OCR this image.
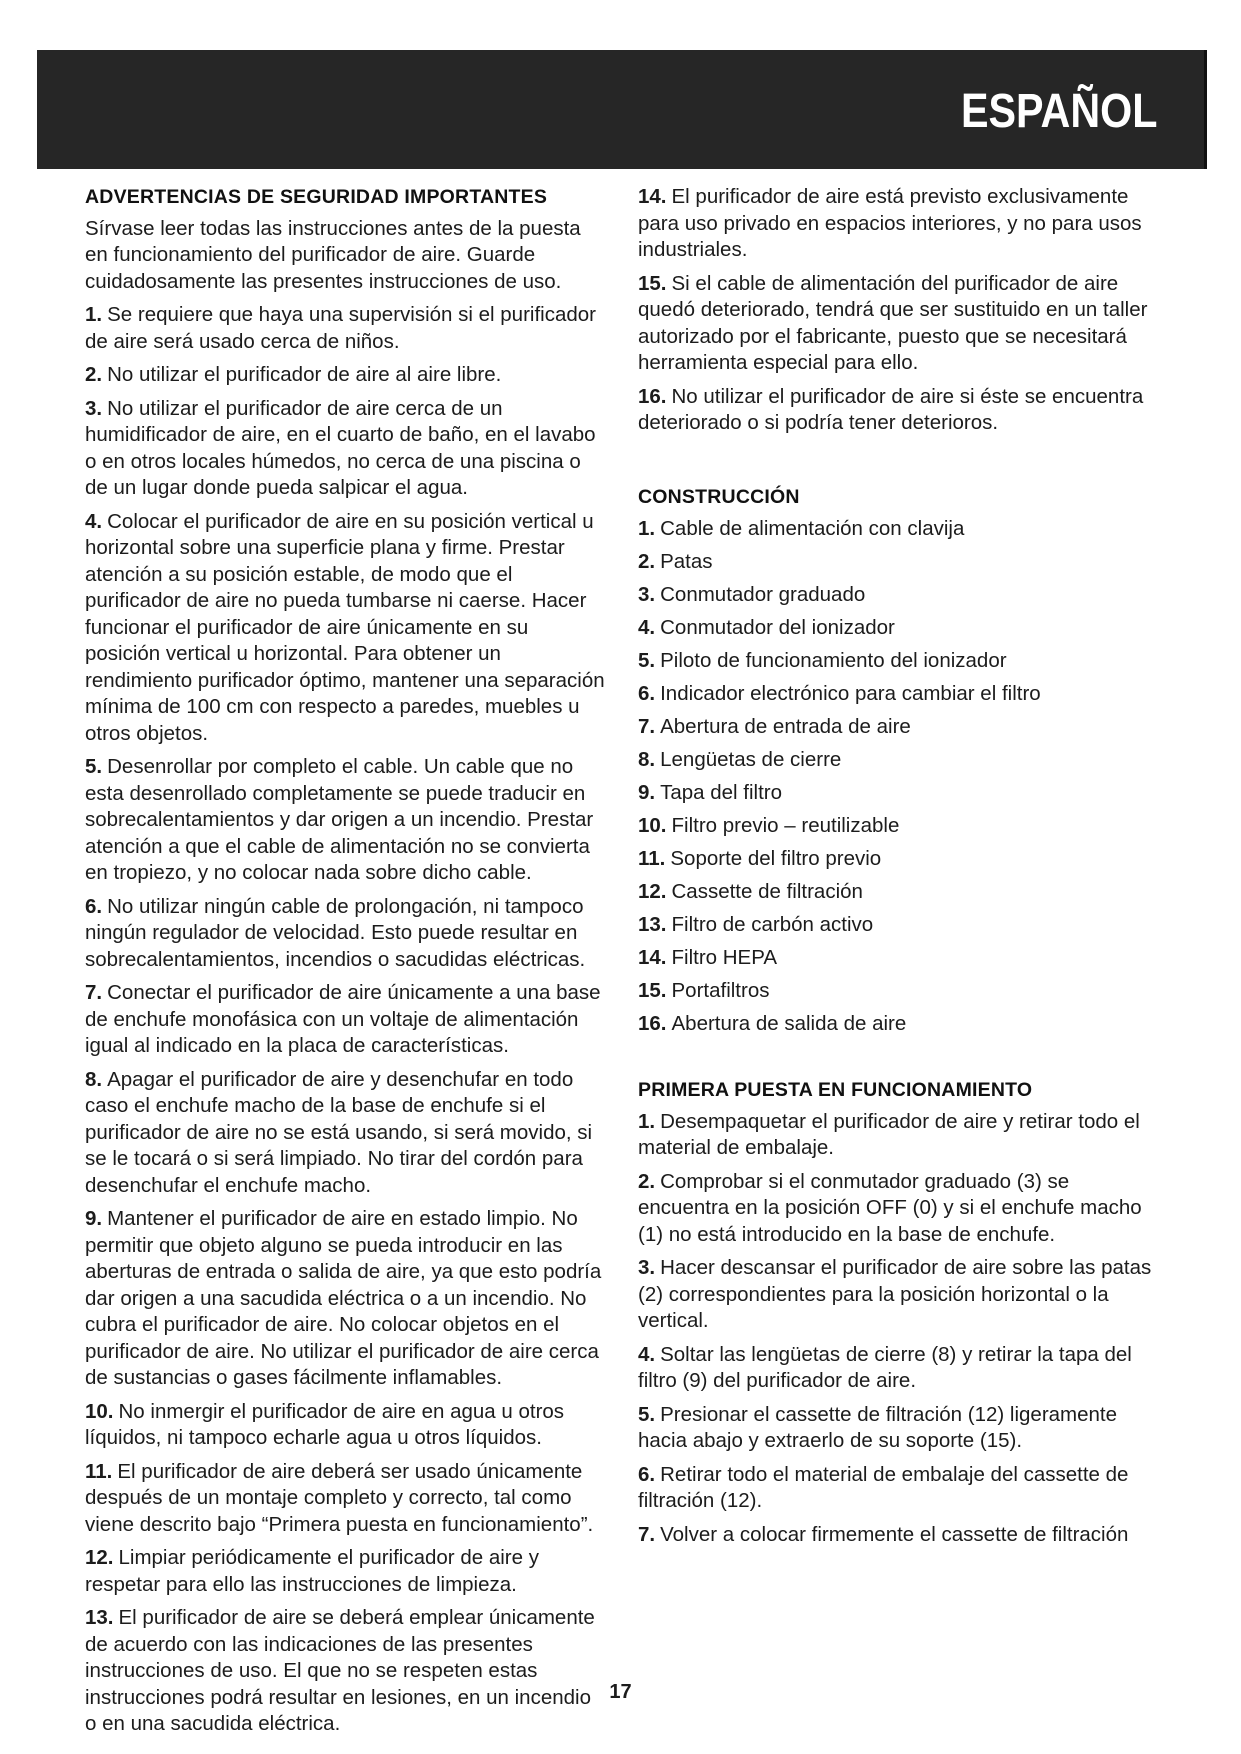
ESPAÑOL
ADVERTENCIAS DE SEGURIDAD IMPORTANTES
Sírvase leer todas las instrucciones antes de la puesta en funcionamiento del purificador de aire. Guarde cuidadosamente las presentes instrucciones de uso.
1. Se requiere que haya una supervisión si el purificador de aire será usado cerca de niños.
2. No utilizar el purificador de aire al aire libre.
3. No utilizar el purificador de aire cerca de un humidificador de aire, en el cuarto de baño, en el lavabo o en otros locales húmedos, no cerca de una piscina o de un lugar donde pueda salpicar el agua.
4. Colocar el purificador de aire en su posición vertical u horizontal sobre una superficie plana y firme. Prestar atención a su posición estable, de modo que el purificador de aire no pueda tumbarse ni caerse. Hacer funcionar el purificador de aire únicamente en su posición vertical u horizontal. Para obtener un rendimiento purificador óptimo, mantener una separación mínima de 100 cm con respecto a paredes, muebles u otros objetos.
5. Desenrollar por completo el cable. Un cable que no esta desenrollado completamente se puede traducir en sobrecalentamientos y dar origen a un incendio. Prestar atención a que el cable de alimentación no se convierta en tropiezo, y no colocar nada sobre dicho cable.
6. No utilizar ningún cable de prolongación, ni tampoco ningún regulador de velocidad. Esto puede resultar en sobrecalentamientos, incendios o sacudidas eléctricas.
7. Conectar el purificador de aire únicamente a una base de enchufe monofásica con un voltaje de alimentación igual al indicado en la placa de características.
8. Apagar el purificador de aire y desenchufar en todo caso el enchufe macho de la base de enchufe si el purificador de aire no se está usando, si será movido, si se le tocará o si será limpiado. No tirar del cordón para desenchufar el enchufe macho.
9. Mantener el purificador de aire en estado limpio. No permitir que objeto alguno se pueda introducir en las aberturas de entrada o salida de aire, ya que esto podría dar origen a una sacudida eléctrica o a un incendio. No cubra el purificador de aire. No colocar objetos en el purificador de aire. No utilizar el purificador de aire cerca de sustancias o gases fácilmente inflamables.
10. No inmergir el purificador de aire en agua u otros líquidos, ni tampoco echarle agua u otros líquidos.
11. El purificador de aire deberá ser usado únicamente después de un montaje completo y correcto, tal como viene descrito bajo “Primera puesta en funcionamiento”.
12. Limpiar periódicamente el purificador de aire y respetar para ello las instrucciones de limpieza.
13. El purificador de aire se deberá emplear únicamente de acuerdo con las indicaciones de las presentes instrucciones de uso. El que no se respeten estas instrucciones podrá resultar en lesiones, en un incendio o en una sacudida eléctrica.
14. El purificador de aire está previsto exclusivamente para uso privado en espacios interiores, y no para usos industriales.
15. Si el cable de alimentación del purificador de aire quedó deteriorado, tendrá que ser sustituido en un taller autorizado por el fabricante, puesto que se necesitará herramienta especial para ello.
16. No utilizar el purificador de aire si éste se encuentra deteriorado o si podría tener deterioros.
CONSTRUCCIÓN
1. Cable de alimentación con clavija
2. Patas
3. Conmutador graduado
4. Conmutador del ionizador
5. Piloto de funcionamiento del ionizador
6. Indicador electrónico para cambiar el filtro
7. Abertura de entrada de aire
8. Lengüetas de cierre
9. Tapa del filtro
10. Filtro previo – reutilizable
11. Soporte del filtro previo
12. Cassette de filtración
13. Filtro de carbón activo
14. Filtro HEPA
15. Portafiltros
16. Abertura de salida de aire
PRIMERA PUESTA EN FUNCIONAMIENTO
1. Desempaquetar el purificador de aire y retirar todo el material de embalaje.
2. Comprobar si el conmutador graduado (3) se encuentra en la posición OFF (0) y si el enchufe macho (1) no está introducido en la base de enchufe.
3. Hacer descansar el purificador de aire sobre las patas (2) correspondientes para la posición horizontal o la vertical.
4. Soltar las lengüetas de cierre (8) y retirar la tapa del filtro (9) del purificador de aire.
5. Presionar el cassette de filtración (12) ligeramente hacia abajo y extraerlo de su soporte (15).
6. Retirar todo el material de embalaje del cassette de filtración (12).
7. Volver a colocar firmemente el cassette de filtración
17
